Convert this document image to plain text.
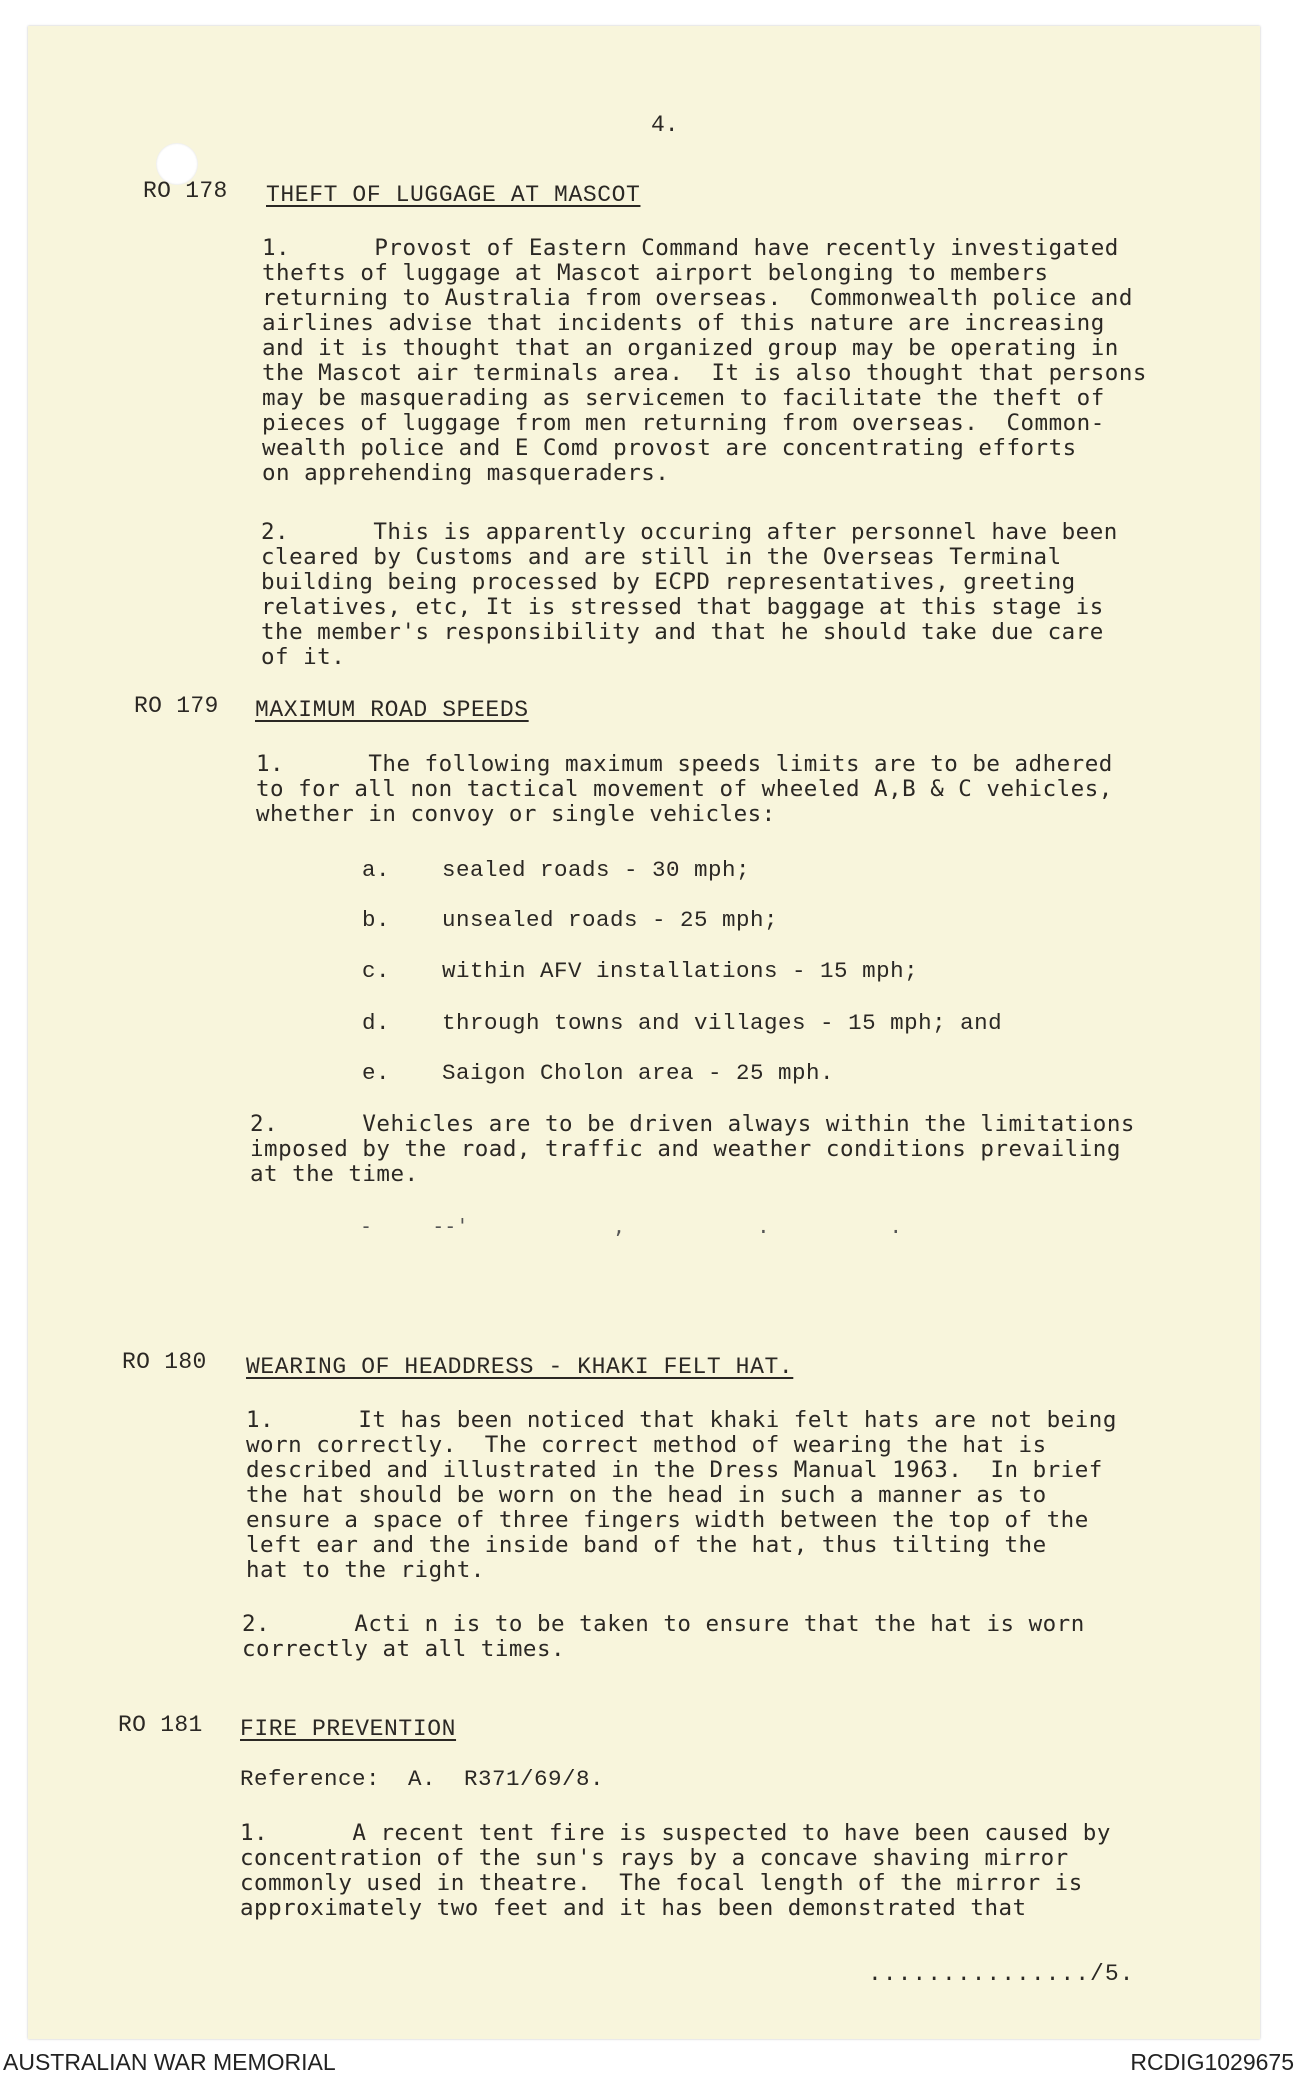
4.
RO 178 THEFT OF LUGGAGE AT MASCOT
1.      Provost of Eastern Command have recently investigated
thefts of luggage at Mascot airport belonging to members
returning to Australia from overseas.  Commonwealth police and
airlines advise that incidents of this nature are increasing
and it is thought that an organized group may be operating in
the Mascot air terminals area.  It is also thought that persons
may be masquerading as servicemen to facilitate the theft of
pieces of luggage from men returning from overseas.  Common-
wealth police and E Comd provost are concentrating efforts
on apprehending masqueraders.
2.      This is apparently occuring after personnel have been
cleared by Customs and are still in the Overseas Terminal
building being processed by ECPD representatives, greeting
relatives, etc, It is stressed that baggage at this stage is
the member's responsibility and that he should take due care
of it.
RO 179 MAXIMUM ROAD SPEEDS
1.      The following maximum speeds limits are to be adhered
to for all non tactical movement of wheeled A,B & C vehicles,
whether in convoy or single vehicles:
a. sealed roads - 30 mph;
b. unsealed roads - 25 mph;
c. within AFV installations - 15 mph;
d. through towns and villages - 15 mph; and
e. Saigon Cholon area - 25 mph.
2.      Vehicles are to be driven always within the limitations
imposed by the road, traffic and weather conditions prevailing
at the time.
-     --'            ,           .          .
RO 180 WEARING OF HEADDRESS - KHAKI FELT HAT.
1.      It has been noticed that khaki felt hats are not being
worn correctly.  The correct method of wearing the hat is
described and illustrated in the Dress Manual 1963.  In brief
the hat should be worn on the head in such a manner as to
ensure a space of three fingers width between the top of the
left ear and the inside band of the hat, thus tilting the
hat to the right.
2.      Acti n is to be taken to ensure that the hat is worn
correctly at all times.
RO 181 FIRE PREVENTION
Reference:  A.  R371/69/8.
1.      A recent tent fire is suspected to have been caused by
concentration of the sun's rays by a concave shaving mirror
commonly used in theatre.  The focal length of the mirror is
approximately two feet and it has been demonstrated that
.............../5.
AUSTRALIAN WAR MEMORIAL	RCDIG1029675
